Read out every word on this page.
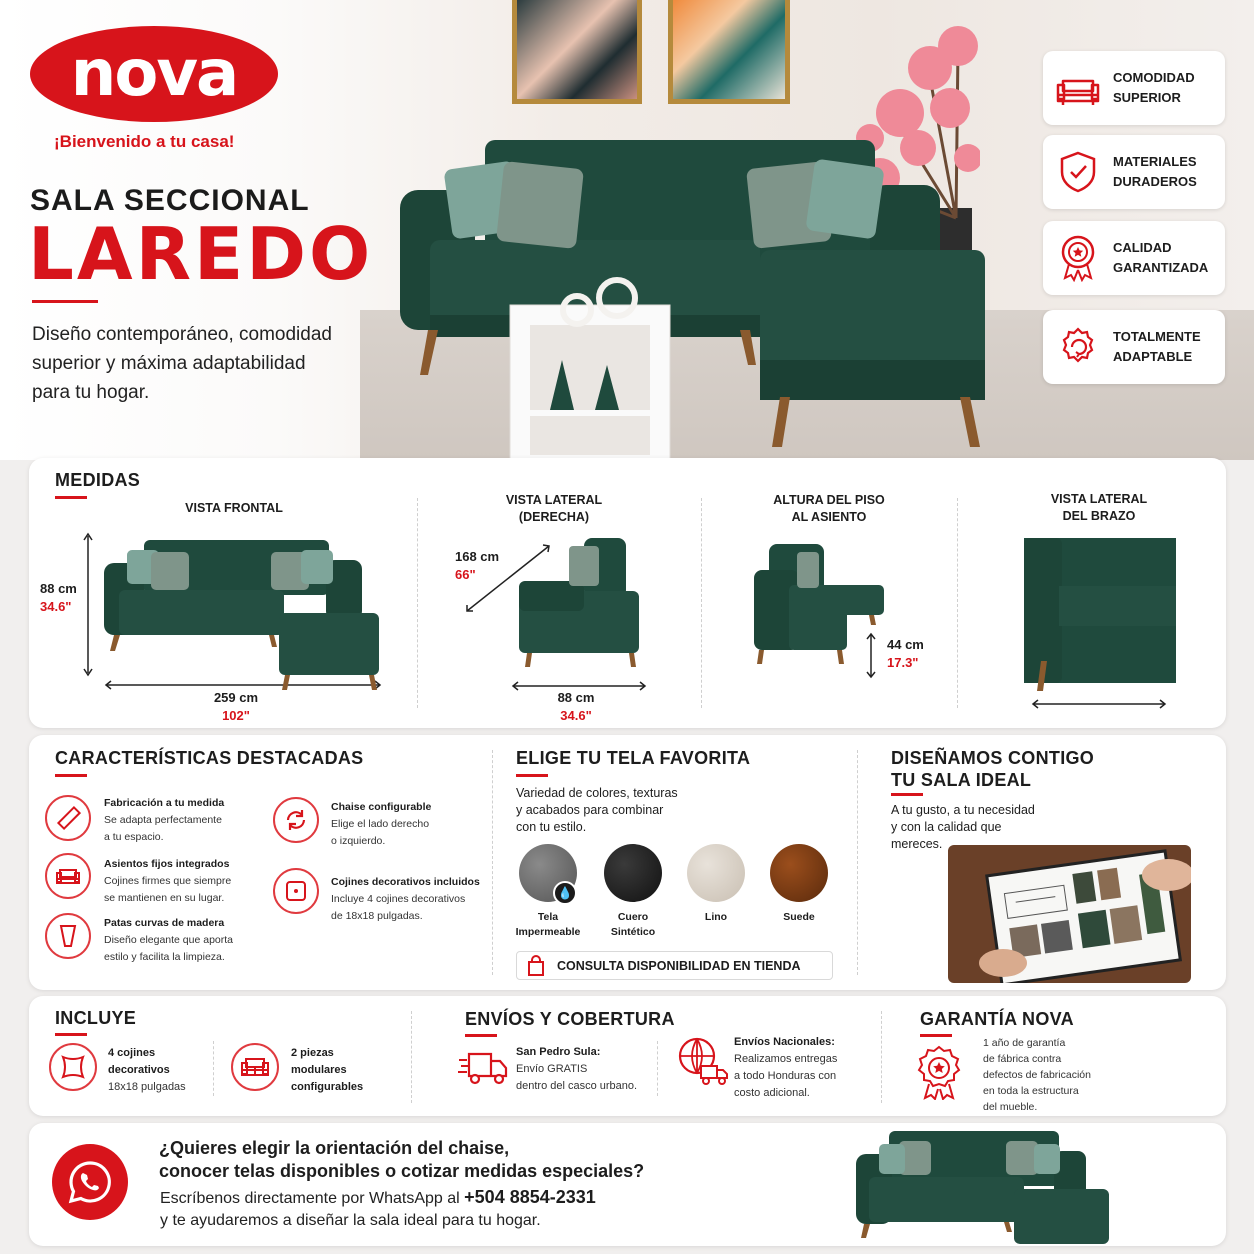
nova
¡Bienvenido a tu casa!
SALA SECCIONAL
LAREDO
Diseño contemporáneo, comodidad superior y máxima adaptabilidad para tu hogar.
COMODIDAD
SUPERIOR
MATERIALES
DURADEROS
CALIDAD
GARANTIZADA
TOTALMENTE
ADAPTABLE
MEDIDAS
VISTA FRONTAL
VISTA LATERAL
(DERECHA)
ALTURA DEL PISO
AL ASIENTO
VISTA LATERAL
DEL BRAZO
88 cm
34.6"
259 cm
102"
168 cm
66"
88 cm
34.6"
44 cm
17.3"
CARACTERÍSTICAS DESTACADAS
Fabricación a tu medida
Se adapta perfectamente
a tu espacio.
Asientos fijos integrados
Cojines firmes que siempre
se mantienen en su lugar.
Patas curvas de madera
Diseño elegante que aporta
estilo y facilita la limpieza.
Chaise configurable
Elige el lado derecho
o izquierdo.
Cojines decorativos incluidos
Incluye 4 cojines decorativos
de 18x18 pulgadas.
ELIGE TU TELA FAVORITA
Variedad de colores, texturas
y acabados para combinar
con tu estilo.
💧
Tela
Impermeable
Cuero
Sintético
Lino	Suede
CONSULTA DISPONIBILIDAD EN TIENDA
DISEÑAMOS CONTIGO
TU SALA IDEAL
A tu gusto, a tu necesidad
y con la calidad que
mereces.
INCLUYE
4 cojines
decorativos
18x18 pulgadas
2 piezas
modulares
configurables
ENVÍOS Y COBERTURA
San Pedro Sula:
Envío GRATIS
dentro del casco urbano.
Envíos Nacionales:
Realizamos entregas
a todo Honduras con
costo adicional.
GARANTÍA NOVA
1 año de garantía
de fábrica contra
defectos de fabricación
en toda la estructura
del mueble.
¿Quieres elegir la orientación del chaise,
conocer telas disponibles o cotizar medidas especiales?
Escríbenos directamente por WhatsApp al +504 8854-2331
y te ayudaremos a diseñar la sala ideal para tu hogar.
